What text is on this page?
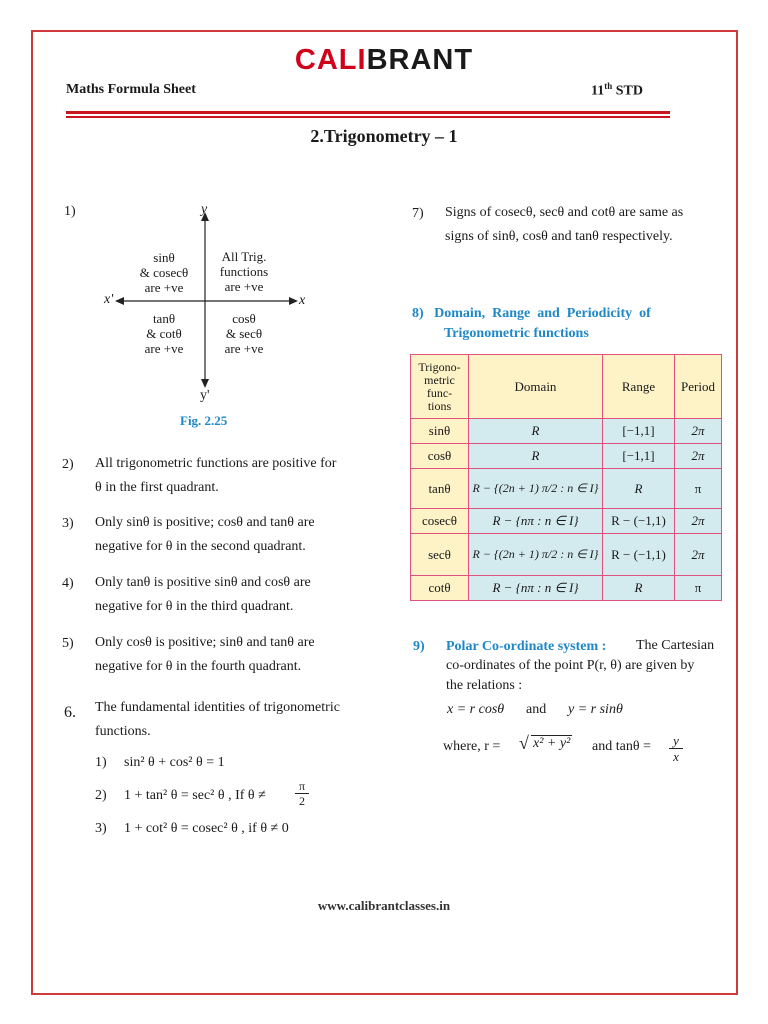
CALIBRANT
Maths Formula Sheet	11th STD
2.Trigonometry – 1
1)	y
y'
x
x'
sinθ
& cosecθ
are +ve
All Trig.
functions
are +ve
tanθ
& cotθ
are +ve
cosθ
& secθ
are +ve
Fig. 2.25
2) All trigonometric functions are positive for
θ in the first quadrant.
3) Only sinθ is positive; cosθ and tanθ are
negative for θ in the second quadrant.
4) Only tanθ is positive sinθ and cosθ are
negative for θ in the third quadrant.
5) Only cosθ is positive; sinθ and tanθ are
negative for θ in the fourth quadrant.
6. The fundamental identities of trigonometric
functions.
1) sin² θ + cos² θ = 1
2) 1 + tan² θ = sec² θ , If θ ≠
π
2
3) 1 + cot² θ = cosec² θ , if θ ≠ 0
7) Signs of cosecθ, secθ and cotθ are same as
signs of sinθ, cosθ and tanθ respectively.
8)   Domain,  Range  and  Periodicity  of
Trigonometric functions
Trigono-
metric
func-
tions	Domain	Range	Period
sinθ	R	[−1,1]	2π
cosθ	R	[−1,1]	2π
tanθ	R − {(2n + 1) π/2 : n ∈ I}	R	π
cosecθ	R − {nπ : n ∈ I}	R − (−1,1)	2π
secθ	R − {(2n + 1) π/2 : n ∈ I}	R − (−1,1)	2π
cotθ	R − {nπ : n ∈ I}	R	π
9) Polar Co-ordinate system : The Cartesian
co-ordinates of the point P(r, θ) are given by
the relations :
x = r cosθ and y = r sinθ
where, r = √ x² + y² and tanθ =	y
x
www.calibrantclasses.in
